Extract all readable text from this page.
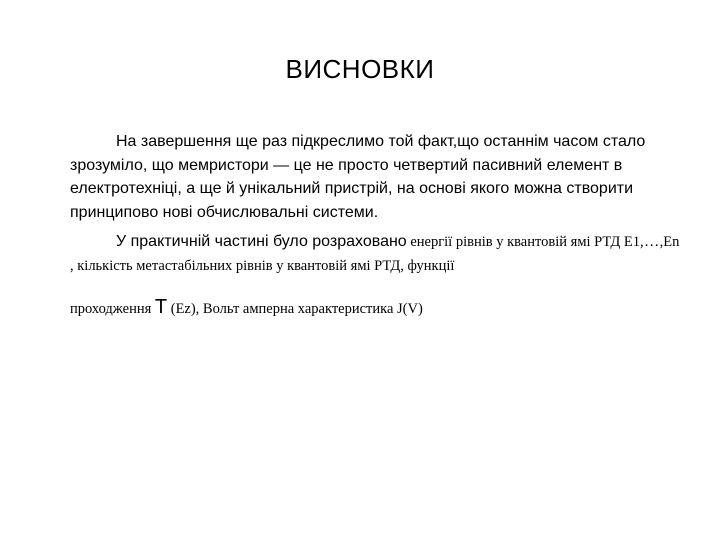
ВИСНОВКИ

На завершення ще раз підкреслимо той факт,що останнім часом стало зрозуміло, що мемристори — це не просто четвертий пасивний елемент в електротехніці, а ще й унікальний пристрій, на основі якого можна створити принципово нові обчислювальні системи.

У практичній частині було розраховано енергії рівнів у квантовій ямі РТД Е1,…,Еn , кількість метастабільних рівнів у квантовій ямі РТД, функції
проходження T (Ez), Вольт амперна характеристика J(V)
